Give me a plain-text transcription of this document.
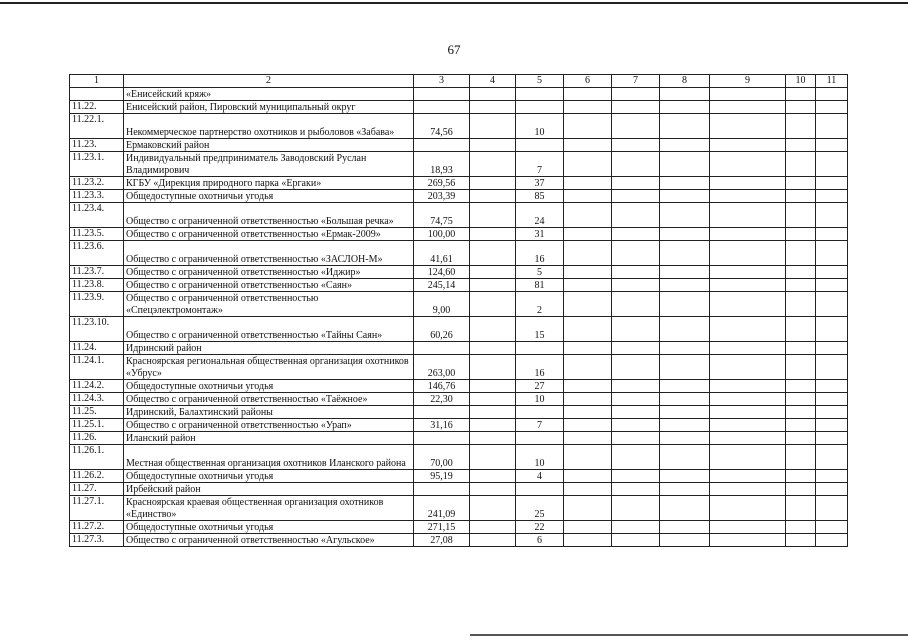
67
1	2	3	4	5	6	7	8	9	10	11
	«Енисейский кряж»									
11.22.	Енисейский район, Пировский муниципальный округ									
11.22.1.	Некоммерческое партнерство охотников и рыболовов «Забава»	74,56		10						
11.23.	Ермаковский район									
11.23.1.	Индивидуальный предприниматель Заводовский Руслан Владимирович	18,93		7						
11.23.2.	КГБУ «Дирекция природного парка «Ергаки»	269,56		37						
11.23.3.	Общедоступные охотничьи угодья	203,39		85						
11.23.4.	Общество с ограниченной ответственностью «Большая речка»	74,75		24						
11.23.5.	Общество с ограниченной ответственностью «Ермак-2009»	100,00		31						
11.23.6.	Общество с ограниченной ответственностью «ЗАСЛОН-М»	41,61		16						
11.23.7.	Общество с ограниченной ответственностью «Иджир»	124,60		5						
11.23.8.	Общество с ограниченной ответственностью «Саян»	245,14		81						
11.23.9.	Общество с ограниченной ответственностью «Спецэлектромонтаж»	9,00		2						
11.23.10.	Общество с ограниченной ответственностью «Тайны Саян»	60,26		15						
11.24.	Идринский район									
11.24.1.	Красноярская региональная общественная организация охотников «Убрус»	263,00		16						
11.24.2.	Общедоступные охотничьи угодья	146,76		27						
11.24.3.	Общество с ограниченной ответственностью «Таёжное»	22,30		10						
11.25.	Идринский, Балахтинский районы									
11.25.1.	Общество с ограниченной ответственностью «Урап»	31,16		7						
11.26.	Иланский район									
11.26.1.	Местная общественная организация охотников Иланского района	70,00		10						
11.26.2.	Общедоступные охотничьи угодья	95,19		4						
11.27.	Ирбейский район									
11.27.1.	Красноярская краевая общественная организация охотников «Единство»	241,09		25						
11.27.2.	Общедоступные охотничьи угодья	271,15		22						
11.27.3.	Общество с ограниченной ответственностью «Агульское»	27,08		6						
